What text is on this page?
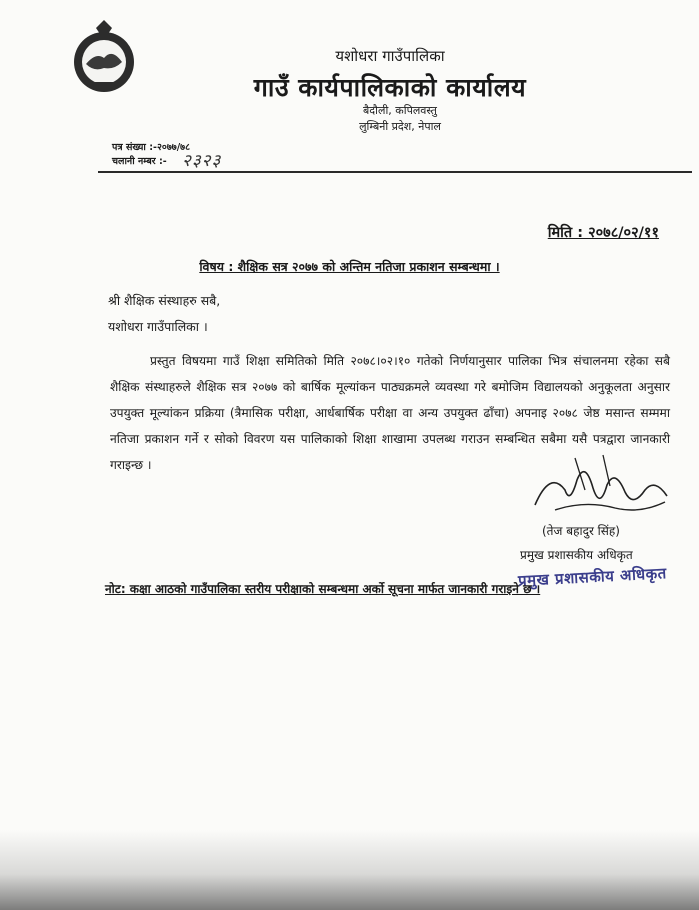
यशोधरा गाउँपालिका
गाउँ कार्यपालिकाको कार्यालय
बैदौली, कपिलवस्तु
लुम्बिनी प्रदेश, नेपाल
पत्र संख्या :-२०७७/७८
चलानी नम्बर :- २३२३
मिति : २०७८/०२/११
विषय : शैक्षिक सत्र २०७७ को अन्तिम नतिजा प्रकाशन सम्बन्धमा ।
श्री शैक्षिक संस्थाहरु सबै,
यशोधरा गाउँपालिका ।

प्रस्तुत विषयमा गाउँ शिक्षा समितिको मिति २०७८।०२।१० गतेको निर्णयानुसार पालिका भित्र संचालनमा रहेका सबै शैक्षिक संस्थाहरुले शैक्षिक सत्र २०७७ को बार्षिक मूल्यांकन पाठ्यक्रमले व्यवस्था गरे बमोजिम विद्यालयको अनुकूलता अनुसार उपयुक्त मूल्यांकन प्रक्रिया (त्रैमासिक परीक्षा, आर्धबार्षिक परीक्षा वा अन्य उपयुक्त ढाँचा) अपनाइ २०७८ जेष्ठ मसान्त सम्ममा नतिजा प्रकाशन गर्ने र सोको विवरण यस पालिकाको शिक्षा शाखामा उपलब्ध गराउन सम्बन्धित सबैमा यसै पत्रद्वारा जानकारी गराइन्छ ।

(तेज बहादुर सिंह)
प्रमुख प्रशासकीय अधिकृत
प्रमुख प्रशासकीय अधिकृत
नोट: कक्षा आठको गाउँपालिका स्तरीय परीक्षाको सम्बन्धमा अर्को सूचना मार्फत जानकारी गराइने छ ।
